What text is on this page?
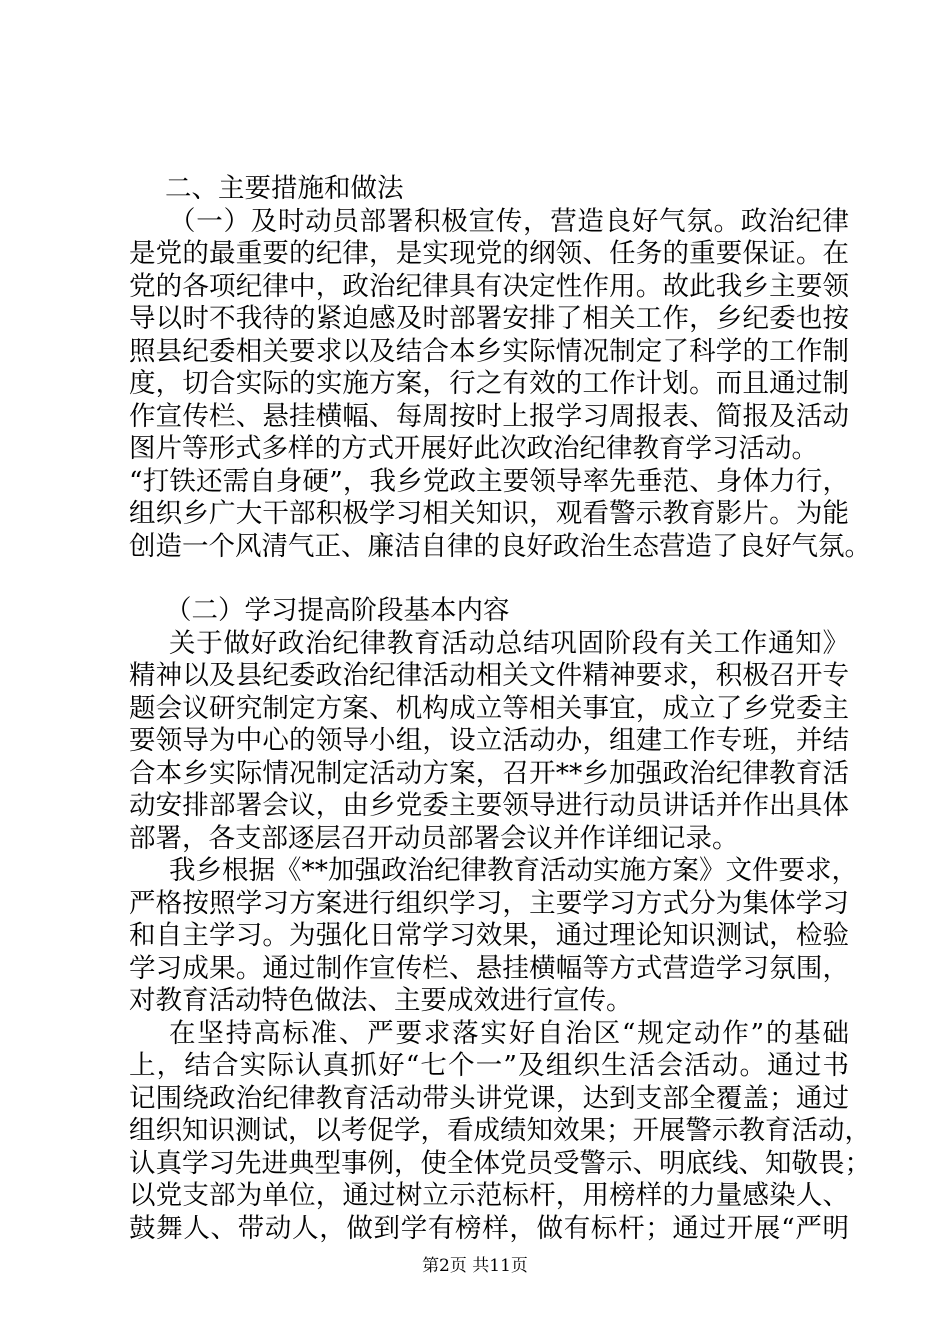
二、主要措施和做法
（一）及时动员部署积极宣传，营造良好气氛。政治纪律
是党的最重要的纪律，是实现党的纲领、任务的重要保证。在
党的各项纪律中，政治纪律具有决定性作用。故此我乡主要领
导以时不我待的紧迫感及时部署安排了相关工作，乡纪委也按
照县纪委相关要求以及结合本乡实际情况制定了科学的工作制
度，切合实际的实施方案，行之有效的工作计划。而且通过制
作宣传栏、悬挂横幅、每周按时上报学习周报表、简报及活动
图片等形式多样的方式开展好此次政治纪律教育学习活动。
“打铁还需自身硬”，我乡党政主要领导率先垂范、身体力行，
组织乡广大干部积极学习相关知识，观看警示教育影片。为能
创造一个风清气正、廉洁自律的良好政治生态营造了良好气氛。
（二）学习提高阶段基本内容
关于做好政治纪律教育活动总结巩固阶段有关工作通知》
精神以及县纪委政治纪律活动相关文件精神要求，积极召开专
题会议研究制定方案、机构成立等相关事宜，成立了乡党委主
要领导为中心的领导小组，设立活动办，组建工作专班，并结
合本乡实际情况制定活动方案，召开**乡加强政治纪律教育活
动安排部署会议，由乡党委主要领导进行动员讲话并作出具体
部署，各支部逐层召开动员部署会议并作详细记录。
我乡根据《**加强政治纪律教育活动实施方案》文件要求，
严格按照学习方案进行组织学习，主要学习方式分为集体学习
和自主学习。为强化日常学习效果，通过理论知识测试，检验
学习成果。通过制作宣传栏、悬挂横幅等方式营造学习氛围，
对教育活动特色做法、主要成效进行宣传。
在坚持高标准、严要求落实好自治区“规定动作”的基础
上，结合实际认真抓好“七个一”及组织生活会活动。通过书
记围绕政治纪律教育活动带头讲党课，达到支部全覆盖；通过
组织知识测试，以考促学，看成绩知效果；开展警示教育活动，
认真学习先进典型事例，使全体党员受警示、明底线、知敬畏；
以党支部为单位，通过树立示范标杆，用榜样的力量感染人、
鼓舞人、带动人，做到学有榜样，做有标杆；通过开展“严明
第2页 共11页
